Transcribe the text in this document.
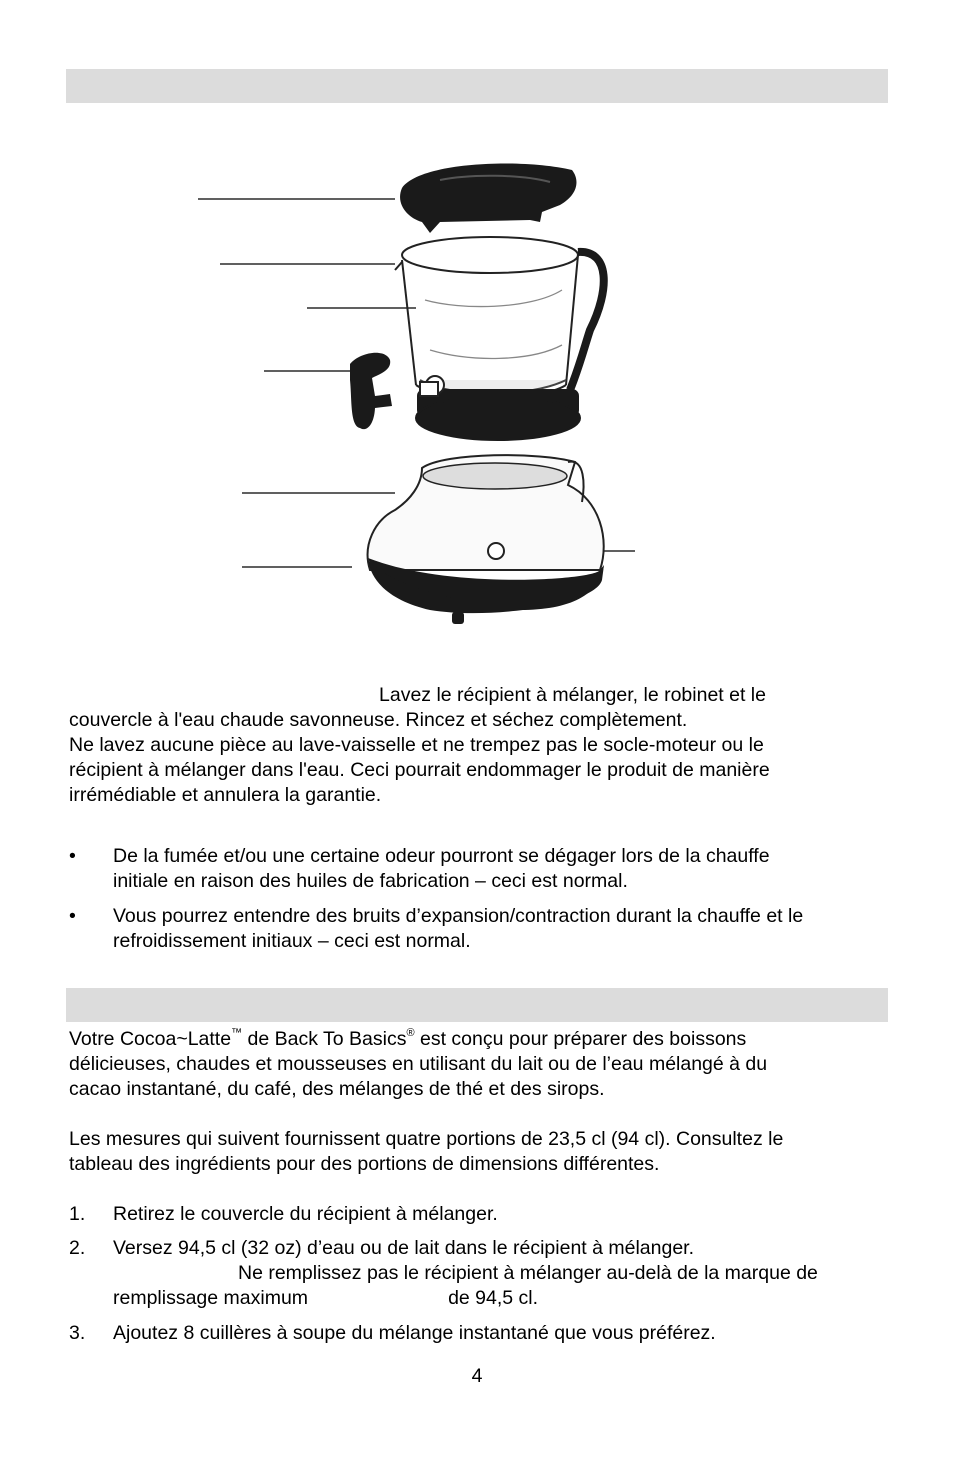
Lavez le récipient à mélanger, le robinet et le
couvercle à l'eau chaude savonneuse. Rincez et séchez complètement.
Ne lavez aucune pièce au lave-vaisselle et ne trempez pas le socle-moteur ou le
récipient à mélanger dans l'eau. Ceci pourrait endommager le produit de manière
irrémédiable et annulera la garantie.

• De la fumée et/ou une certaine odeur pourront se dégager lors de la chauffe
initiale en raison des huiles de fabrication – ceci est normal.
• Vous pourrez entendre des bruits d’expansion/contraction durant la chauffe et le
refroidissement initiaux – ceci est normal.

Votre Cocoa~Latte™ de Back To Basics® est conçu pour préparer des boissons
délicieuses, chaudes et mousseuses en utilisant du lait ou de l’eau mélangé à du
cacao instantané, du café, des mélanges de thé et des sirops.

Les mesures qui suivent fournissent quatre portions de 23,5 cl (94 cl). Consultez le
tableau des ingrédients pour des portions de dimensions différentes.

1. Retirez le couvercle du récipient à mélanger.
2. Versez 94,5 cl (32 oz) d’eau ou de lait dans le récipient à mélanger.
Ne remplissez pas le récipient à mélanger au-delà de la marque de
remplissage maximum	de 94,5 cl.
3. Ajoutez 8 cuillères à soupe du mélange instantané que vous préférez.
4
